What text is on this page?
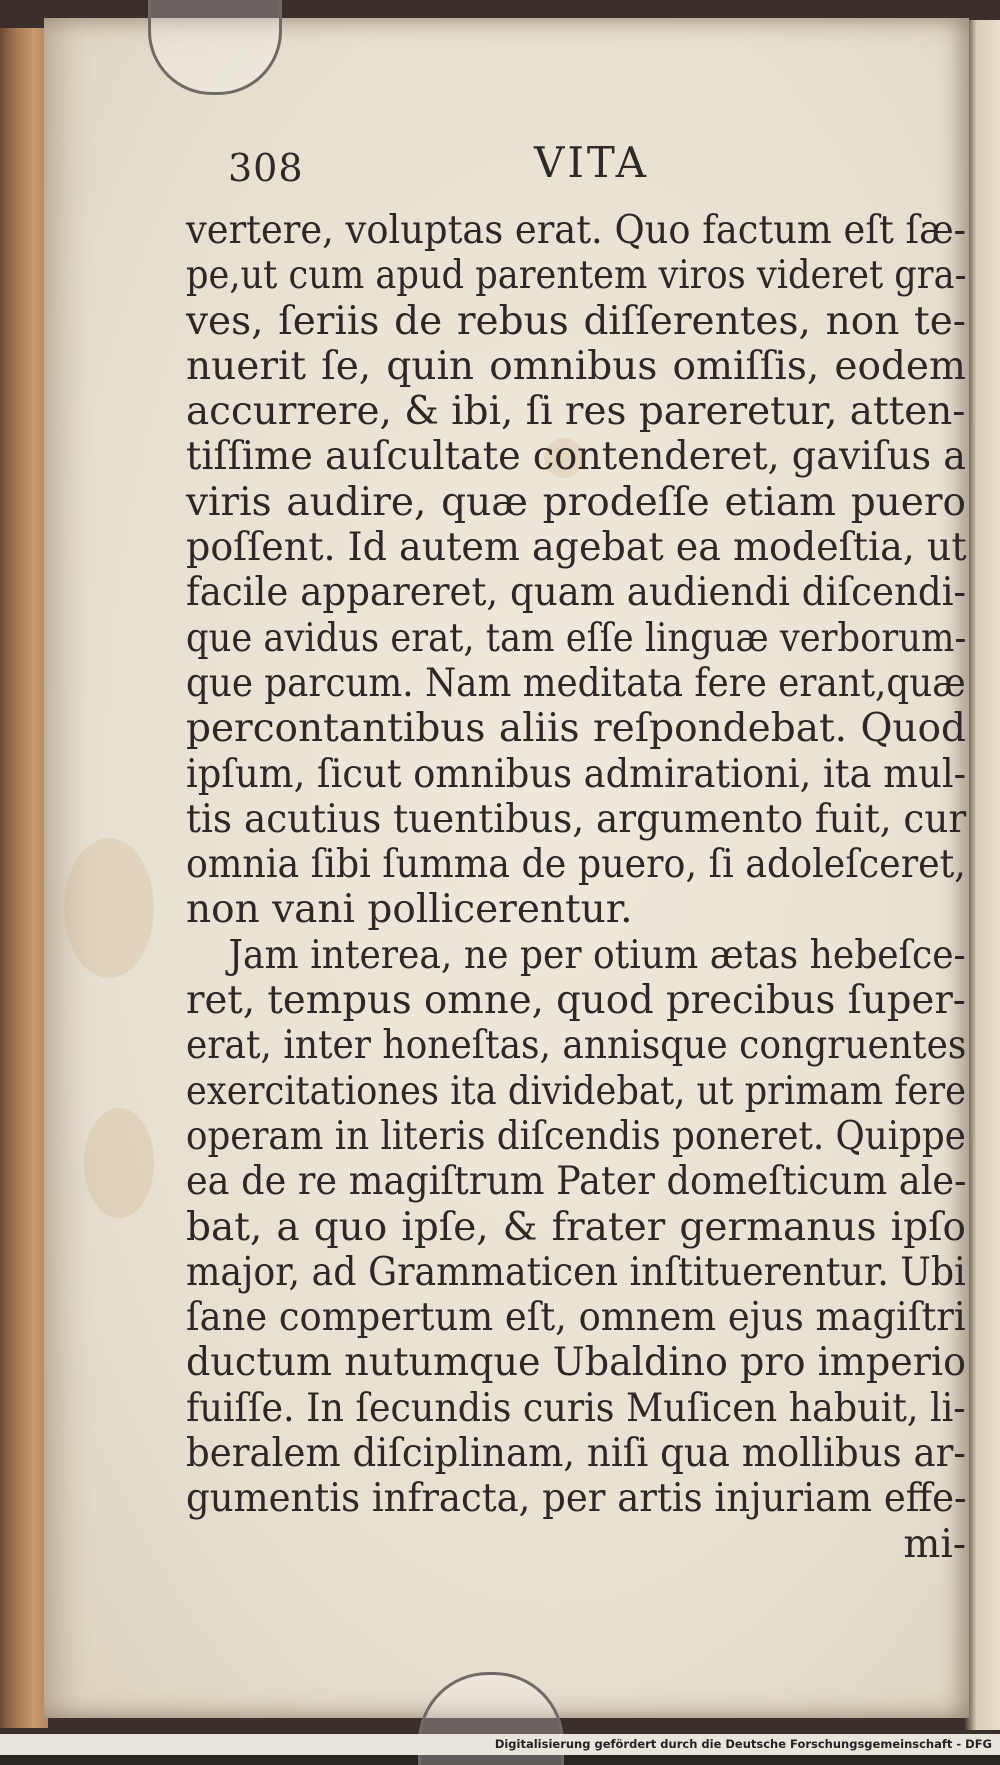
308	VITA
vertere, voluptas erat. Quo factum eſt ſæ-
pe,ut cum apud parentem viros videret gra-
ves, ſeriis de rebus diſſerentes, non te-
nuerit ſe, quin omnibus omiſſis, eodem
accurrere, & ibi, ſi res pareretur, atten-
tiſſime auſcultate contenderet, gaviſus a
viris audire, quæ prodeſſe etiam puero
poſſent. Id autem agebat ea modeſtia, ut
facile appareret, quam audiendi diſcendi-
que avidus erat, tam eſſe linguæ verborum-
que parcum. Nam meditata fere erant,quæ
percontantibus aliis reſpondebat. Quod
ipſum, ſicut omnibus admirationi, ita mul-
tis acutius tuentibus, argumento fuit, cur
omnia ſibi ſumma de puero, ſi adoleſceret,
non vani pollicerentur.
Jam interea, ne per otium ætas hebeſce-
ret, tempus omne, quod precibus ſuper-
erat, inter honeſtas, annisque congruentes
exercitationes ita dividebat, ut primam fere
operam in literis diſcendis poneret. Quippe
ea de re magiſtrum Pater domeſticum ale-
bat, a quo ipſe, & frater germanus ipſo
major, ad Grammaticen inſtituerentur. Ubi
ſane compertum eſt, omnem ejus magiſtri
ductum nutumque Ubaldino pro imperio
fuiſſe. In ſecundis curis Muſicen habuit, li-
beralem diſciplinam, niſi qua mollibus ar-
gumentis infracta, per artis injuriam effe-
mi-
Digitalisierung gefördert durch die Deutsche Forschungsgemeinschaft - DFG
